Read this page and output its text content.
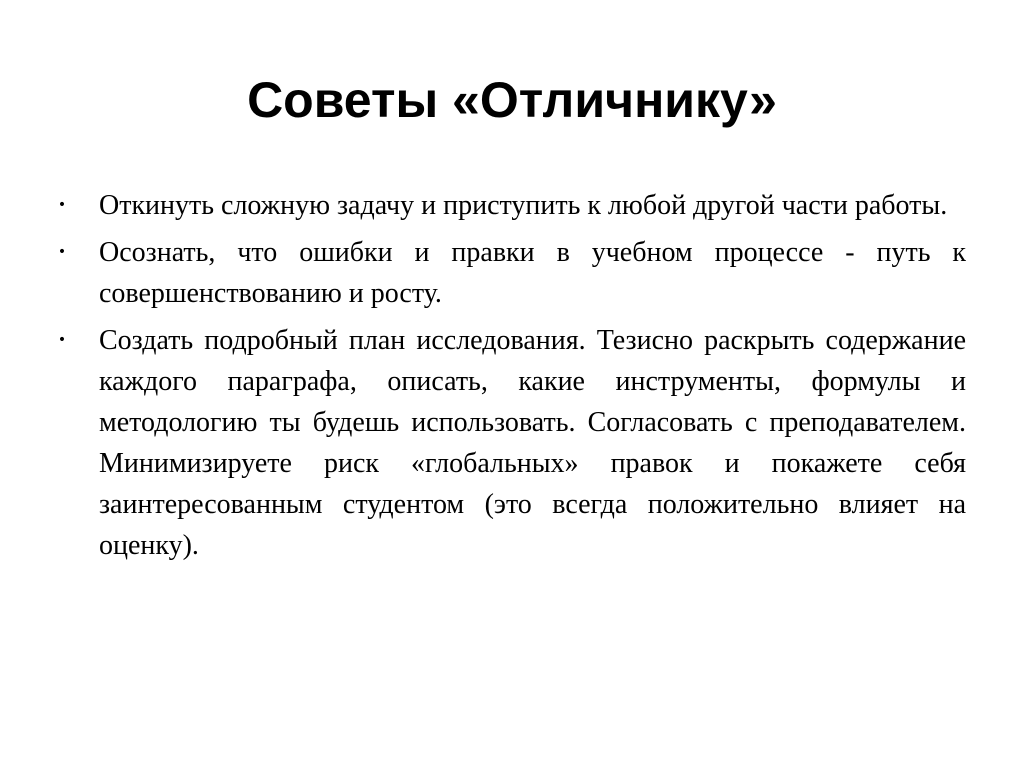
Советы «Отличнику»
• Откинуть сложную задачу и приступить к любой другой части работы.
• Осознать, что ошибки и правки в учебном процессе - путь к совершенствованию и росту.
• Создать подробный план исследования. Тезисно раскрыть содержание каждого параграфа, описать, какие инструменты, формулы и методологию ты будешь использовать. Согласовать с преподавателем. Минимизируете риск «глобальных» правок и покажете себя заинтересованным студентом (это всегда положительно влияет на оценку).
